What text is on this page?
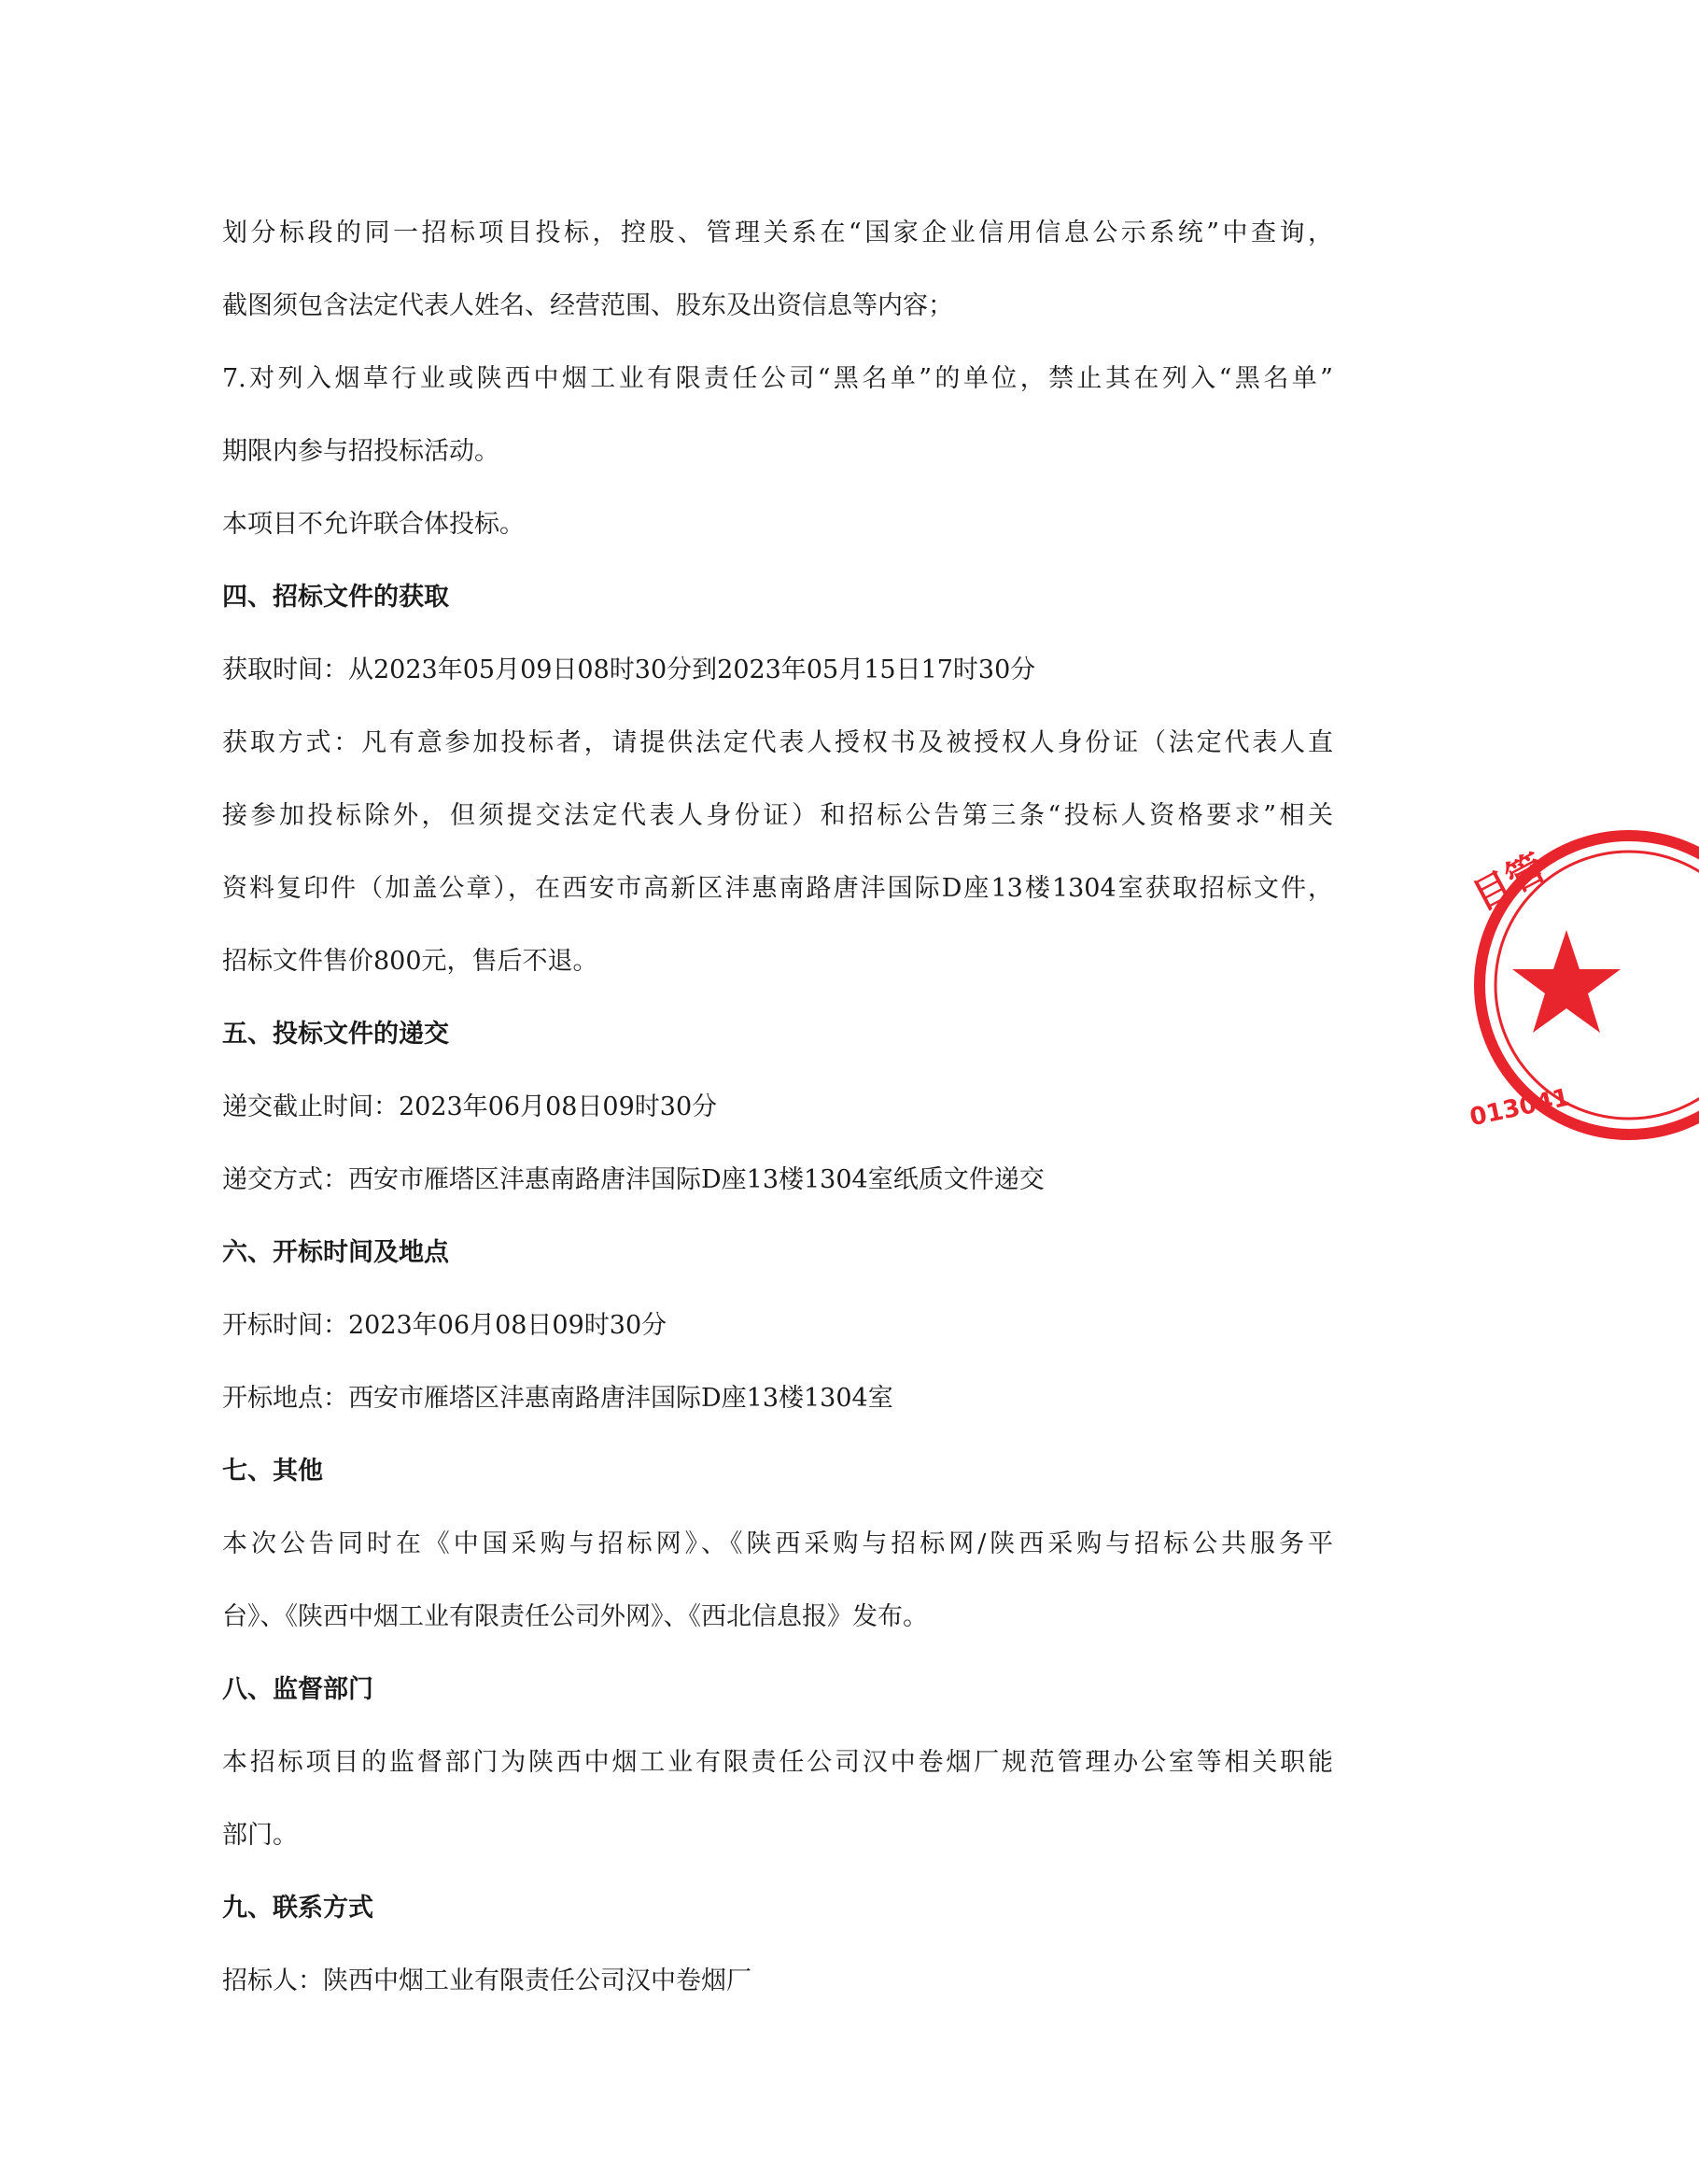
划分标段的同一招标项目投标，控股、管理关系在“国家企业信用信息公示系统”中查询，
截图须包含法定代表人姓名、经营范围、股东及出资信息等内容；
7.对列入烟草行业或陕西中烟工业有限责任公司“黑名单”的单位，禁止其在列入“黑名单”
期限内参与招投标活动。
本项目不允许联合体投标。
四、招标文件的获取
获取时间：从2023年05月09日08时30分到2023年05月15日17时30分
获取方式：凡有意参加投标者，请提供法定代表人授权书及被授权人身份证（法定代表人直
接参加投标除外，但须提交法定代表人身份证）和招标公告第三条“投标人资格要求”相关
资料复印件（加盖公章），在西安市高新区沣惠南路唐沣国际D座13楼1304室获取招标文件，
招标文件售价800元，售后不退。
五、投标文件的递交
递交截止时间：2023年06月08日09时30分
递交方式：西安市雁塔区沣惠南路唐沣国际D座13楼1304室纸质文件递交
六、开标时间及地点
开标时间：2023年06月08日09时30分
开标地点：西安市雁塔区沣惠南路唐沣国际D座13楼1304室
七、其他
本次公告同时在《中国采购与招标网》、《陕西采购与招标网/陕西采购与招标公共服务平
台》、《陕西中烟工业有限责任公司外网》、《西北信息报》发布。
八、监督部门
本招标项目的监督部门为陕西中烟工业有限责任公司汉中卷烟厂规范管理办公室等相关职能
部门。
九、联系方式
招标人：陕西中烟工业有限责任公司汉中卷烟厂
目管
013041
